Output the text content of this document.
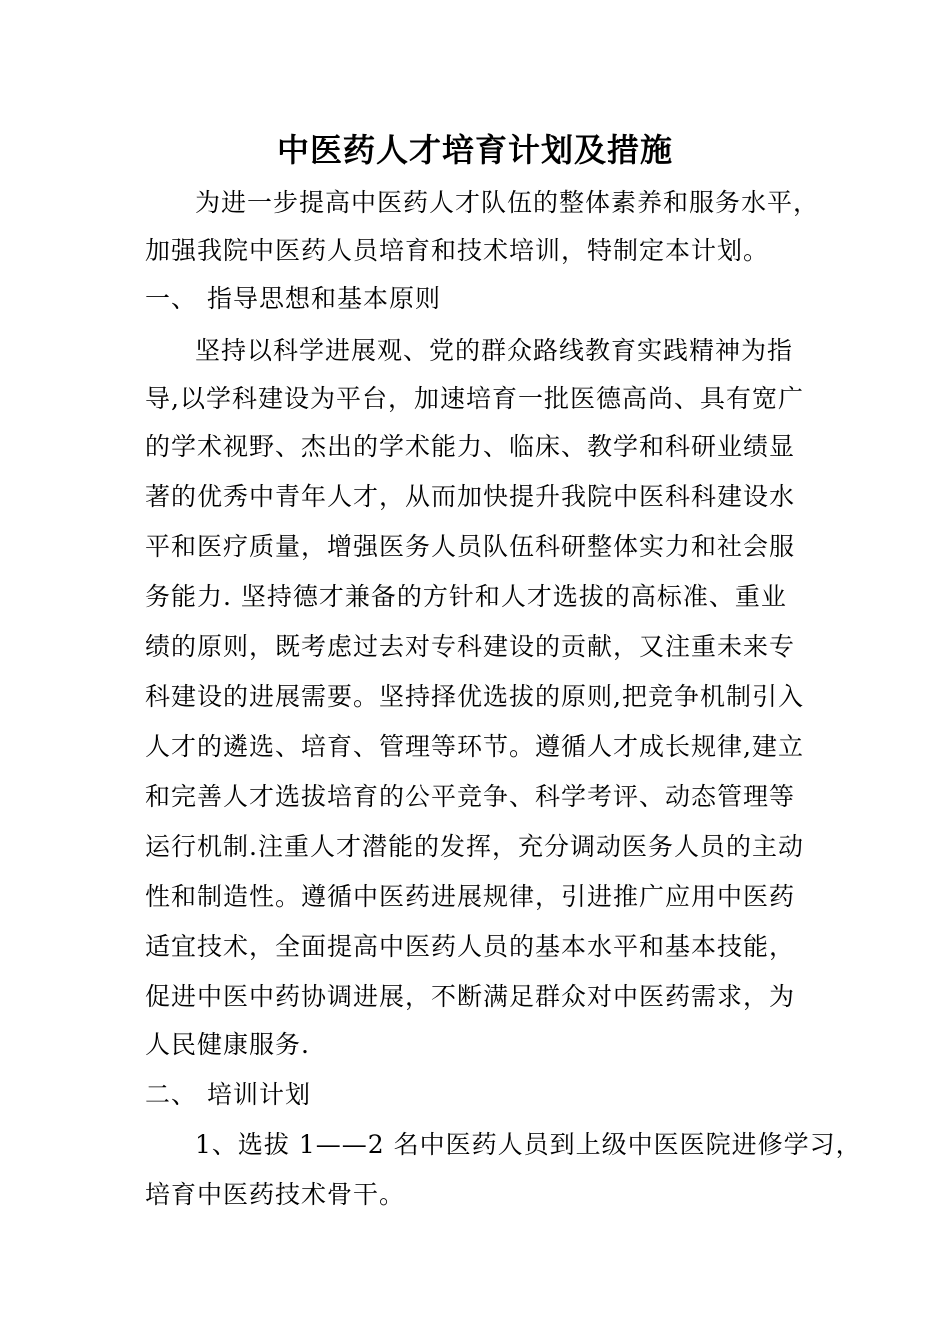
中医药人才培育计划及措施
为进一步提高中医药人才队伍的整体素养和服务水平，
加强我院中医药人员培育和技术培训，特制定本计划。
一、 指导思想和基本原则
坚持以科学进展观、党的群众路线教育实践精神为指
导,以学科建设为平台，加速培育一批医德高尚、具有宽广
的学术视野、杰出的学术能力、临床、教学和科研业绩显
著的优秀中青年人才，从而加快提升我院中医科科建设水
平和医疗质量，增强医务人员队伍科研整体实力和社会服
务能力. 坚持德才兼备的方针和人才选拔的高标准、重业
绩的原则，既考虑过去对专科建设的贡献，又注重未来专
科建设的进展需要。坚持择优选拔的原则,把竞争机制引入
人才的遴选、培育、管理等环节。遵循人才成长规律,建立
和完善人才选拔培育的公平竞争、科学考评、动态管理等
运行机制.注重人才潜能的发挥，充分调动医务人员的主动
性和制造性。遵循中医药进展规律，引进推广应用中医药
适宜技术，全面提高中医药人员的基本水平和基本技能，
促进中医中药协调进展，不断满足群众对中医药需求，为
人民健康服务.
二、 培训计划
1、选拔 1——2 名中医药人员到上级中医医院进修学习，
培育中医药技术骨干。
